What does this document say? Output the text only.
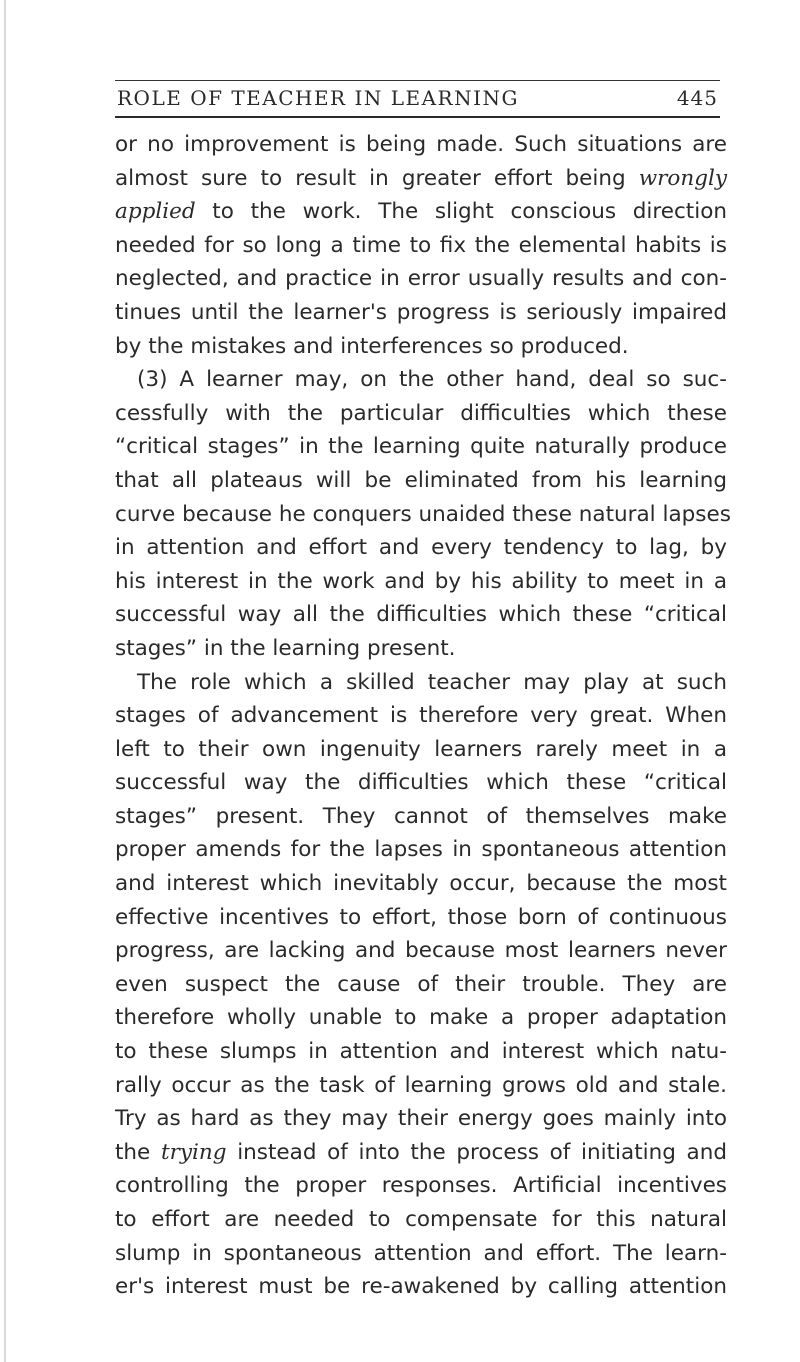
ROLE OF TEACHER IN LEARNING	445
or no improvement is being made. Such situations are
almost sure to result in greater effort being wrongly
applied to the work. The slight conscious direction
needed for so long a time to fix the elemental habits is
neglected, and practice in error usually results and con-
tinues until the learner's progress is seriously impaired
by the mistakes and interferences so produced.
(3) A learner may, on the other hand, deal so suc-
cessfully with the particular difficulties which these
“critical stages” in the learning quite naturally produce
that all plateaus will be eliminated from his learning
curve because he conquers unaided these natural lapses
in attention and effort and every tendency to lag, by
his interest in the work and by his ability to meet in a
successful way all the difficulties which these “critical
stages” in the learning present.
The role which a skilled teacher may play at such
stages of advancement is therefore very great. When
left to their own ingenuity learners rarely meet in a
successful way the difficulties which these “critical
stages” present. They cannot of themselves make
proper amends for the lapses in spontaneous attention
and interest which inevitably occur, because the most
effective incentives to effort, those born of continuous
progress, are lacking and because most learners never
even suspect the cause of their trouble. They are
therefore wholly unable to make a proper adaptation
to these slumps in attention and interest which natu-
rally occur as the task of learning grows old and stale.
Try as hard as they may their energy goes mainly into
the trying instead of into the process of initiating and
controlling the proper responses. Artificial incentives
to effort are needed to compensate for this natural
slump in spontaneous attention and effort. The learn-
er's interest must be re-awakened by calling attention
